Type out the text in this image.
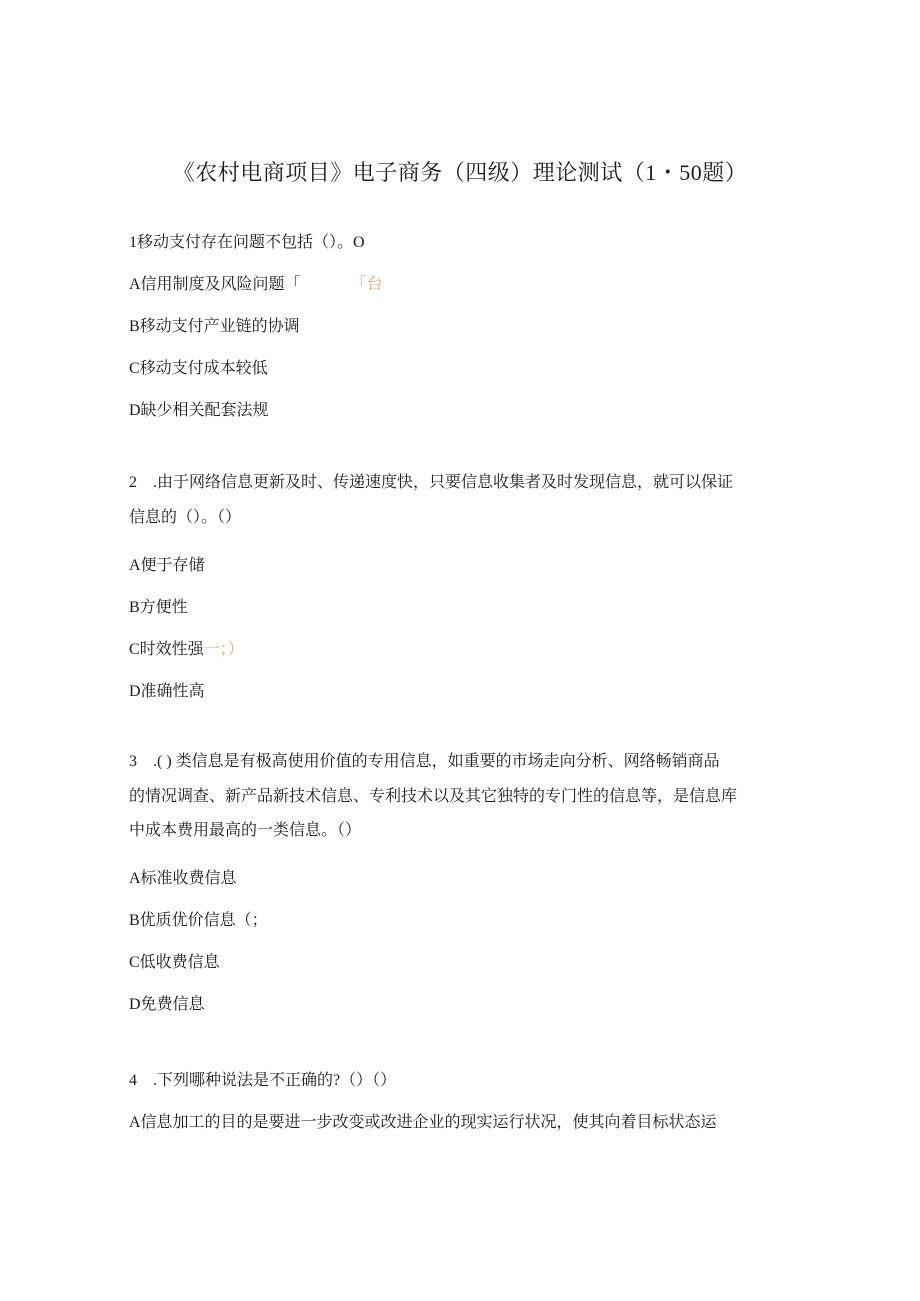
《农村电商项目》电子商务（四级）理论测试（1・50题）
1移动支付存在问题不包括（）。O
A信用制度及风险问题「	「台
B移动支付产业链的协调
C移动支付成本较低
D缺少相关配套法规
2　.由于网络信息更新及时、传递速度快，只要信息收集者及时发现信息，就可以保证
信息的（）。（）
A便于存储
B方便性
C时效性强一；）
D准确性高
3　.( ) 类信息是有极高使用价值的专用信息，如重要的市场走向分析、网络畅销商品
的情况调查、新产品新技术信息、专利技术以及其它独特的专门性的信息等，是信息库
中成本费用最高的一类信息。（）
A标准收费信息
B优质优价信息（；
C低收费信息
D免费信息
4　.下列哪种说法是不正确的?（）（）
A信息加工的目的是要进一步改变或改进企业的现实运行状况，使其向着目标状态运
